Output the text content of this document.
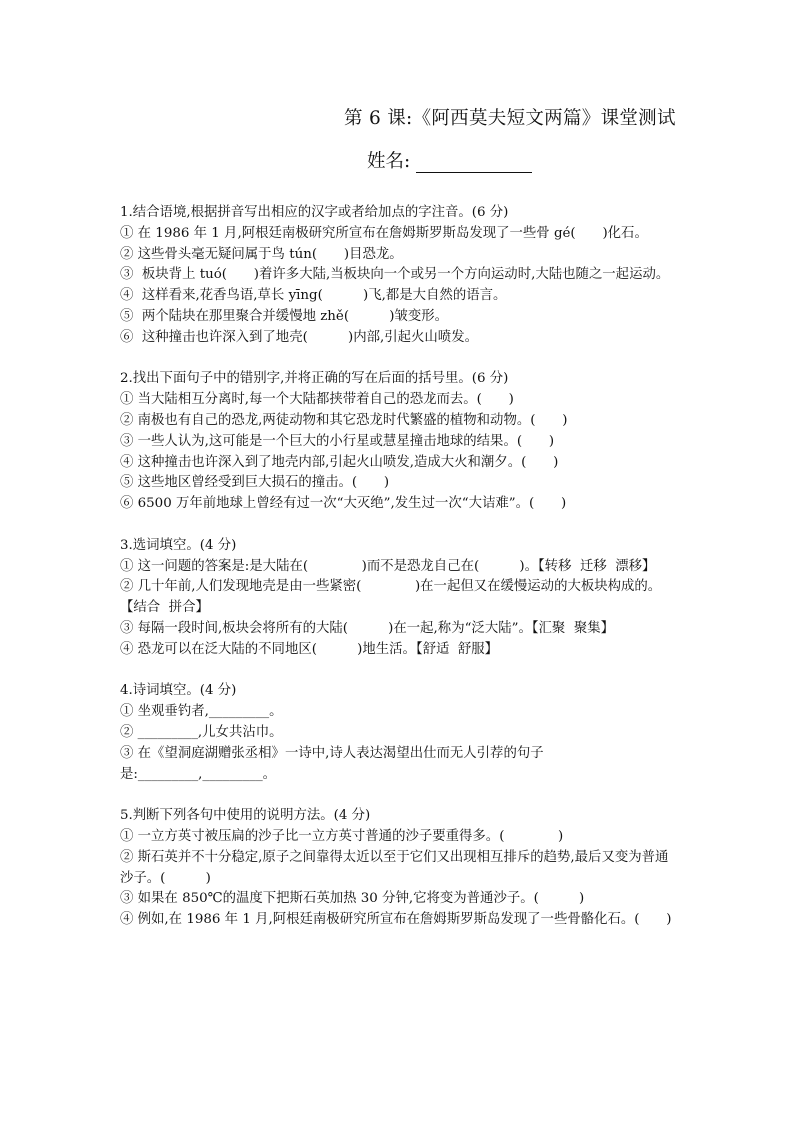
第 6 课:《阿西莫夫短文两篇》课堂测试
姓名:
1.结合语境,根据拼音写出相应的汉字或者给加点的字注音。(6 分)
① 在 1986 年 1 月,阿根廷南极研究所宣布在詹姆斯罗斯岛发现了一些骨 gé(　　)化石。
② 这些骨头毫无疑问属于鸟 tún(　　)目恐龙。
③  板块背上 tuó(　　)着许多大陆,当板块向一个或另一个方向运动时,大陆也随之一起运动。
④  这样看来,花香鸟语,草长 yīng(　　　)飞,都是大自然的语言。
⑤  两个陆块在那里聚合并缓慢地 zhě(　　　)皱变形。
⑥  这种撞击也许深入到了地壳(　　　)内部,引起火山喷发。
2.找出下面句子中的错别字,并将正确的写在后面的括号里。(6 分)
① 当大陆相互分离时,每一个大陆都挟带着自己的恐龙而去。(　　)
② 南极也有自己的恐龙,两徒动物和其它恐龙时代繁盛的植物和动物。(　　)
③ 一些人认为,这可能是一个巨大的小行星或慧星撞击地球的结果。(　　)
④ 这种撞击也许深入到了地壳内部,引起火山喷发,造成大火和潮夕。(　　)
⑤ 这些地区曾经受到巨大损石的撞击。(　　)
⑥ 6500 万年前地球上曾经有过一次“大灭绝”,发生过一次“大诘难”。(　　)
3.选词填空。(4 分)
① 这一问题的答案是:是大陆在(　　　　)而不是恐龙自己在(　　　)。【转移  迁移  漂移】
② 几十年前,人们发现地壳是由一些紧密(　　　　)在一起但又在缓慢运动的大板块构成的。【结合  拼合】
③ 每隔一段时间,板块会将所有的大陆(　　　)在一起,称为“泛大陆”。【汇聚  聚集】
④ 恐龙可以在泛大陆的不同地区(　　　)地生活。【舒适  舒服】
4.诗词填空。(4 分)
① 坐观垂钓者,_________。
② _________,儿女共沾巾。
③ 在《望洞庭湖赠张丞相》一诗中,诗人表达渴望出仕而无人引荐的句子是:_________,_________。
5.判断下列各句中使用的说明方法。(4 分)
① 一立方英寸被压扁的沙子比一立方英寸普通的沙子要重得多。(　　　　)
② 斯石英并不十分稳定,原子之间靠得太近以至于它们又出现相互排斥的趋势,最后又变为普通沙子。(　　　)
③ 如果在 850℃的温度下把斯石英加热 30 分钟,它将变为普通沙子。(　　　)
④ 例如,在 1986 年 1 月,阿根廷南极研究所宣布在詹姆斯罗斯岛发现了一些骨骼化石。(　　)
